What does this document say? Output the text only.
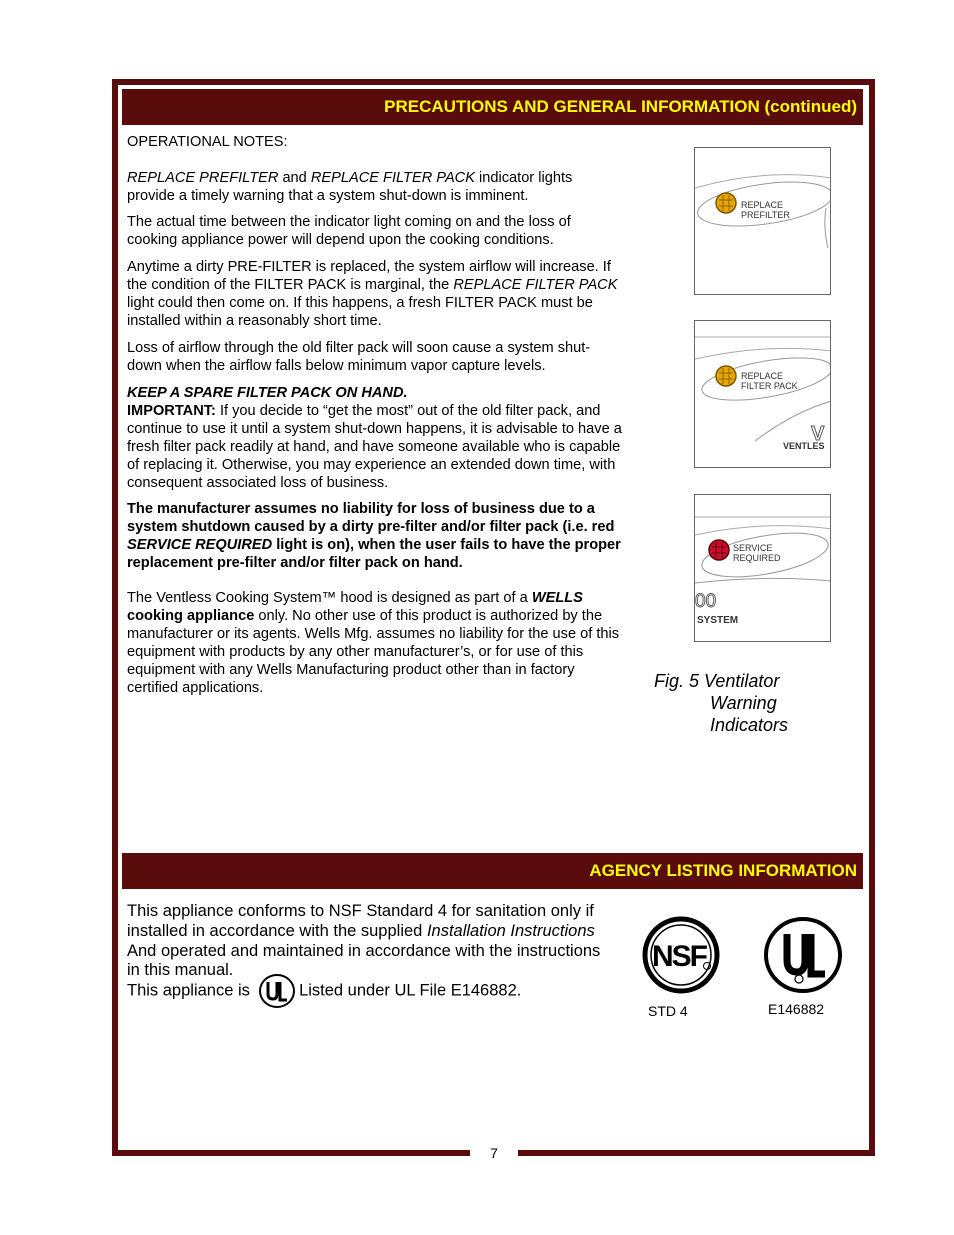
7
PRECAUTIONS AND GENERAL INFORMATION (continued)

OPERATIONAL NOTES:

REPLACE PREFILTER and REPLACE FILTER PACK indicator lights provide a timely warning that a system shut-down is imminent.

The actual time between the indicator light coming on and the loss of cooking appliance power will depend upon the cooking conditions.

Anytime a dirty PRE-FILTER is replaced, the system airflow will increase. If the condition of the FILTER PACK is marginal, the REPLACE FILTER PACK light could then come on. If this happens, a fresh FILTER PACK must be installed within a reasonably short time.

Loss of airflow through the old filter pack will soon cause a system shut-down when the airflow falls below minimum vapor capture levels.

KEEP A SPARE FILTER PACK ON HAND.

IMPORTANT: If you decide to “get the most” out of the old filter pack, and continue to use it until a system shut-down happens, it is advisable to have a fresh filter pack readily at hand, and have someone available who is capable of replacing it. Otherwise, you may experience an extended down time, with consequent associated loss of business.

The manufacturer assumes no liability for loss of business due to a system shutdown caused by a dirty pre-filter and/or filter pack (i.e. red SERVICE REQUIRED light is on), when the user fails to have the proper replacement pre-filter and/or filter pack on hand.

The Ventless Cooking System™ hood is designed as part of a WELLS
cooking appliance only. No other use of this product is authorized by the manufacturer or its agents. Wells Mfg. assumes no liability for the use of this equipment with products by any other manufacturer’s, or for use of this equipment with any Wells Manufacturing product other than in factory certified applications.

REPLACE
PREFILTER
REPLACE
FILTER PACK
V
VENTLES
SERVICE
REQUIRED
00
SYSTEM
Fig. 5 Ventilator
Warning
Indicators
AGENCY LISTING INFORMATION

This appliance conforms to NSF Standard 4 for sanitation only if

installed in accordance with the supplied Installation Instructions

And operated and maintained in accordance with the instructions

in this manual.

This appliance is  Listed under UL File E146882.

NSF
STD 4	E146882
